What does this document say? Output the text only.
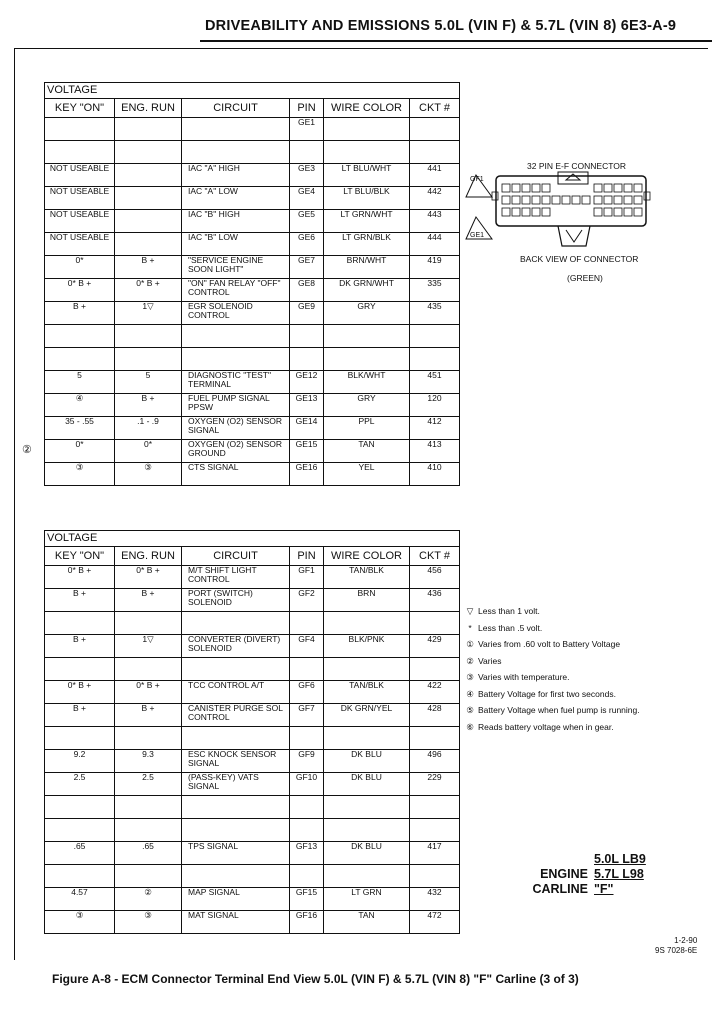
DRIVEABILITY AND EMISSIONS 5.0L (VIN F) & 5.7L (VIN 8) 6E3-A-9
②
VOLTAGE					
KEY "ON"	ENG. RUN	CIRCUIT	PIN	WIRE COLOR	CKT #
			GE1		

NOT USEABLE		IAC "A" HIGH	GE3	LT BLU/WHT	441
NOT USEABLE		IAC "A" LOW	GE4	LT BLU/BLK	442
NOT USEABLE		IAC "B" HIGH	GE5	LT GRN/WHT	443
NOT USEABLE		IAC "B" LOW	GE6	LT GRN/BLK	444
0*	B +	"SERVICE ENGINE SOON LIGHT"	GE7	BRN/WHT	419
0* B +	0* B +	"ON" FAN RELAY "OFF" CONTROL	GE8	DK GRN/WHT	335
B +	1▽	EGR SOLENOID CONTROL	GE9	GRY	435

5	5	DIAGNOSTIC "TEST" TERMINAL	GE12	BLK/WHT	451
④	B +	FUEL PUMP SIGNAL PPSW	GE13	GRY	120
35 - .55	.1 - .9	OXYGEN (O2) SENSOR SIGNAL	GE14	PPL	412
0*	0*	OXYGEN (O2) SENSOR GROUND	GE15	TAN	413
③	③	CTS SIGNAL	GE16	YEL	410
VOLTAGE					
KEY "ON"	ENG. RUN	CIRCUIT	PIN	WIRE COLOR	CKT #
0* B +	0* B +	M/T SHIFT LIGHT CONTROL	GF1	TAN/BLK	456
B +	B +	PORT (SWITCH) SOLENOID	GF2	BRN	436

B +	1▽	CONVERTER (DIVERT) SOLENOID	GF4	BLK/PNK	429

0* B +	0* B +	TCC CONTROL A/T	GF6	TAN/BLK	422
B +	B +	CANISTER PURGE SOL CONTROL	GF7	DK GRN/YEL	428

9.2	9.3	ESC KNOCK SENSOR SIGNAL	GF9	DK BLU	496
2.5	2.5	(PASS-KEY) VATS SIGNAL	GF10	DK BLU	229

.65	.65	TPS SIGNAL	GF13	DK BLU	417

4.57	②	MAP SIGNAL	GF15	LT GRN	432
③	③	MAT SIGNAL	GF16	TAN	472
32 PIN E-F CONNECTOR
GF1
GE1
BACK VIEW OF CONNECTOR
(GREEN)
▽ Less than 1 volt.
* Less than .5 volt.
① Varies from .60 volt to Battery Voltage
② Varies
③ Varies with temperature.
④ Battery Voltage for first two seconds.
⑤ Battery Voltage when fuel pump is running.
⑥ Reads battery voltage when in gear.
5.0L LB9
ENGINE 5.7L L98
CARLINE "F"
1-2-90
9S 7028-6E
Figure A-8 - ECM Connector Terminal End View 5.0L (VIN F) & 5.7L (VIN 8) "F" Carline (3 of 3)
